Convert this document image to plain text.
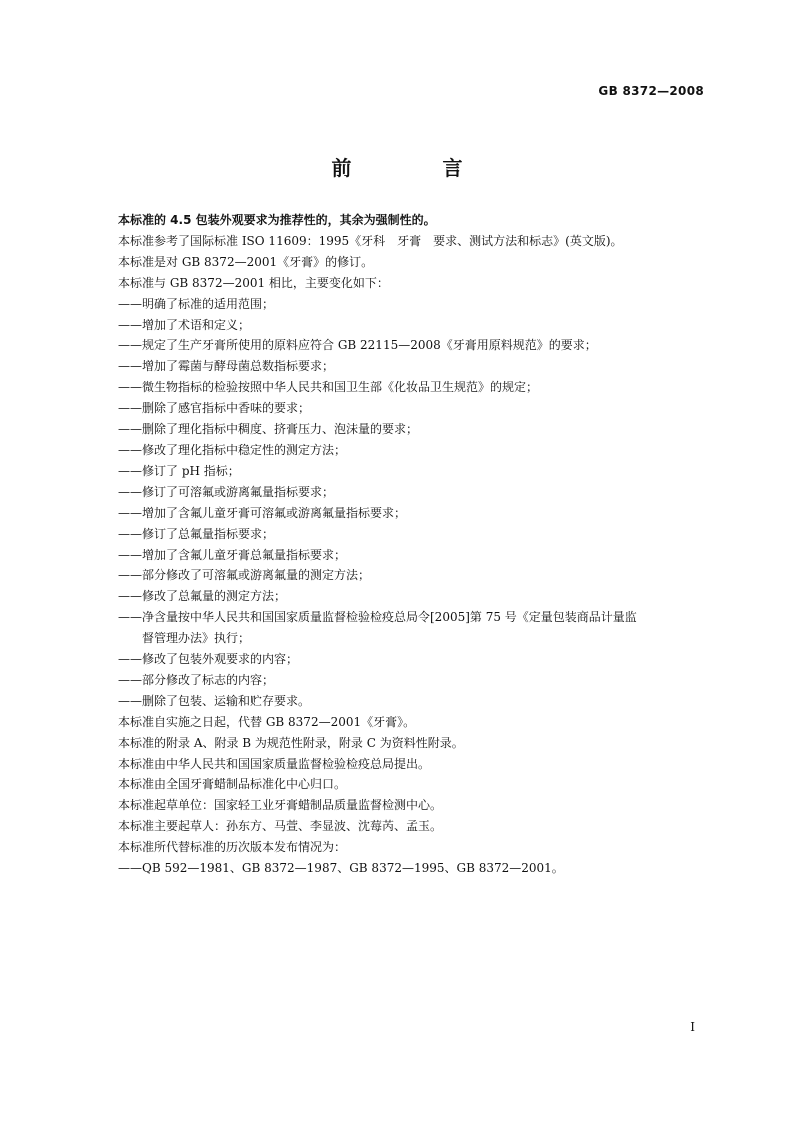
GB 8372—2008
前 言
本标准的 4.5 包装外观要求为推荐性的，其余为强制性的。
本标准参考了国际标准 ISO 11609：1995《牙科　牙膏　要求、测试方法和标志》(英文版)。
本标准是对 GB 8372—2001《牙膏》的修订。
本标准与 GB 8372—2001 相比，主要变化如下：
——明确了标准的适用范围；
——增加了术语和定义；
——规定了生产牙膏所使用的原料应符合 GB 22115—2008《牙膏用原料规范》的要求；
——增加了霉菌与酵母菌总数指标要求；
——微生物指标的检验按照中华人民共和国卫生部《化妆品卫生规范》的规定；
——删除了感官指标中香味的要求；
——删除了理化指标中稠度、挤膏压力、泡沫量的要求；
——修改了理化指标中稳定性的测定方法；
——修订了 pH 指标；
——修订了可溶氟或游离氟量指标要求；
——增加了含氟儿童牙膏可溶氟或游离氟量指标要求；
——修订了总氟量指标要求；
——增加了含氟儿童牙膏总氟量指标要求；
——部分修改了可溶氟或游离氟量的测定方法；
——修改了总氟量的测定方法；
——净含量按中华人民共和国国家质量监督检验检疫总局令[2005]第 75 号《定量包装商品计量监
督管理办法》执行；
——修改了包装外观要求的内容；
——部分修改了标志的内容；
——删除了包装、运输和贮存要求。
本标准自实施之日起，代替 GB 8372—2001《牙膏》。
本标准的附录 A、附录 B 为规范性附录，附录 C 为资料性附录。
本标准由中华人民共和国国家质量监督检验检疫总局提出。
本标准由全国牙膏蜡制品标准化中心归口。
本标准起草单位：国家轻工业牙膏蜡制品质量监督检测中心。
本标准主要起草人：孙东方、马萱、李显波、沈莓芮、孟玉。
本标准所代替标准的历次版本发布情况为：
——QB 592—1981、GB 8372—1987、GB 8372—1995、GB 8372—2001。
I
